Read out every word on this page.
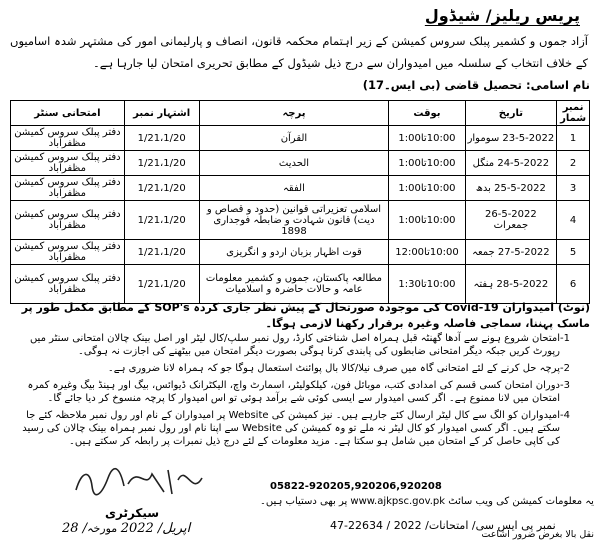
پریس ریلیز/ شیڈول
آزاد جموں و کشمیر پبلک سروس کمیشن کے زیر اہتمام محکمہ قانون، انصاف و پارلیمانی امور کی مشتہر شدہ اسامیوں کے خلاف انتخاب کے سلسلہ میں امیدواران سے درج ذیل شیڈول کے مطابق تحریری امتحان لیا جارہا ہے۔
نام اسامی: تحصیل قاضی (بی ایس۔17)
نمبر شمار	تاریخ	بوقت	پرچہ	اشتہار نمبر	امتحانی سنٹر
1	23-5-2022 سوموار	10:00تا1:00	القرآن	1/21،1/20	دفتر پبلک سروس کمیشن مظفرآباد
2	24-5-2022 منگل	10:00تا1:00	الحدیث	1/21،1/20	دفتر پبلک سروس کمیشن مظفرآباد
3	25-5-2022 بدھ	10:00تا1:00	الفقہ	1/21،1/20	دفتر پبلک سروس کمیشن مظفرآباد
4	26-5-2022 جمعرات	10:00تا1:00	اسلامی تعزیراتی قوانین (حدود و قصاص و دیت) قانون شہادت و ضابطہ فوجداری 1898	1/21،1/20	دفتر پبلک سروس کمیشن مظفرآباد
5	27-5-2022 جمعہ	10:00تا12:00	قوت اظہار بزبان اردو و انگریزی	1/21،1/20	دفتر پبلک سروس کمیشن مظفرآباد
6	28-5-2022 ہفتہ	10:00تا1:30	مطالعہ پاکستان، جموں و کشمیر معلومات عامہ و حالات حاضرہ و اسلامیات	1/21،1/20	دفتر پبلک سروس کمیشن مظفرآباد
(نوٹ) امیدواران Covid-19 کی موجودہ صورتحال کے پیش نظر جاری کردہ SOP's کے مطابق مکمل طور پر ماسک پہننا، سماجی فاصلہ وغیرہ برقرار رکھنا لازمی ہوگا۔
-1
امتحان شروع ہونے سے آدھا گھنٹہ قبل ہمراہ اصل شناختی کارڈ، رول نمبر سلپ/کال لیٹر اور اصل بینک چالان امتحانی سنٹر میں رپورٹ کریں جبکہ دیگر امتحانی ضابطوں کی پابندی کرنا ہوگی بصورت دیگر امتحان میں بیٹھنے کی اجازت نہ ہوگی۔
-2
پرچہ حل کرنے کے لئے امتحانی گاہ میں صرف نیلا/کالا بال پوائنٹ استعمال ہوگا جو کہ ہمراہ لانا ضروری ہے۔
-3
دوران امتحان کسی قسم کی امدادی کتب، موبائل فون، کیلکولیٹر، اسمارٹ واچ، الیکٹرانک ڈیوائس، بیگ اور ہینڈ بیگ وغیرہ کمرہ امتحان میں لانا ممنوع ہے۔ اگر کسی امیدوار سے ایسی کوئی شے برآمد ہوئی تو اس امیدوار کا پرچہ منسوخ کر دیا جائے گا۔
-4
امیدواران کو الگ سے کال لیٹر ارسال کئے جارہے ہیں۔ نیز کمیشن کی Website پر امیدواران کے نام اور رول نمبر ملاحظہ کئے جا سکتے ہیں۔ اگر کسی امیدوار کو کال لیٹر نہ ملے تو وہ کمیشن کی Website سے اپنا نام اور رول نمبر ہمراہ بینک چالان کی رسید کی کاپی حاصل کر کے امتحان میں شامل ہو سکتا ہے۔ مزید معلومات کے لئے درج ذیل نمبرات پر رابطہ کر سکتے ہیں۔
05822-920205,920206,920208
یہ معلومات کمیشن کی ویب سائٹ www.ajkpsc.gov.pk پر بھی دستیاب ہیں۔
سیکرٹری
28 /اپریل/ 2022 مورخہ	نمبر پی ایس سی/ امتحانات/ 2022 / 22634-47
نقل بالا بغرض ضرور اشاعت
